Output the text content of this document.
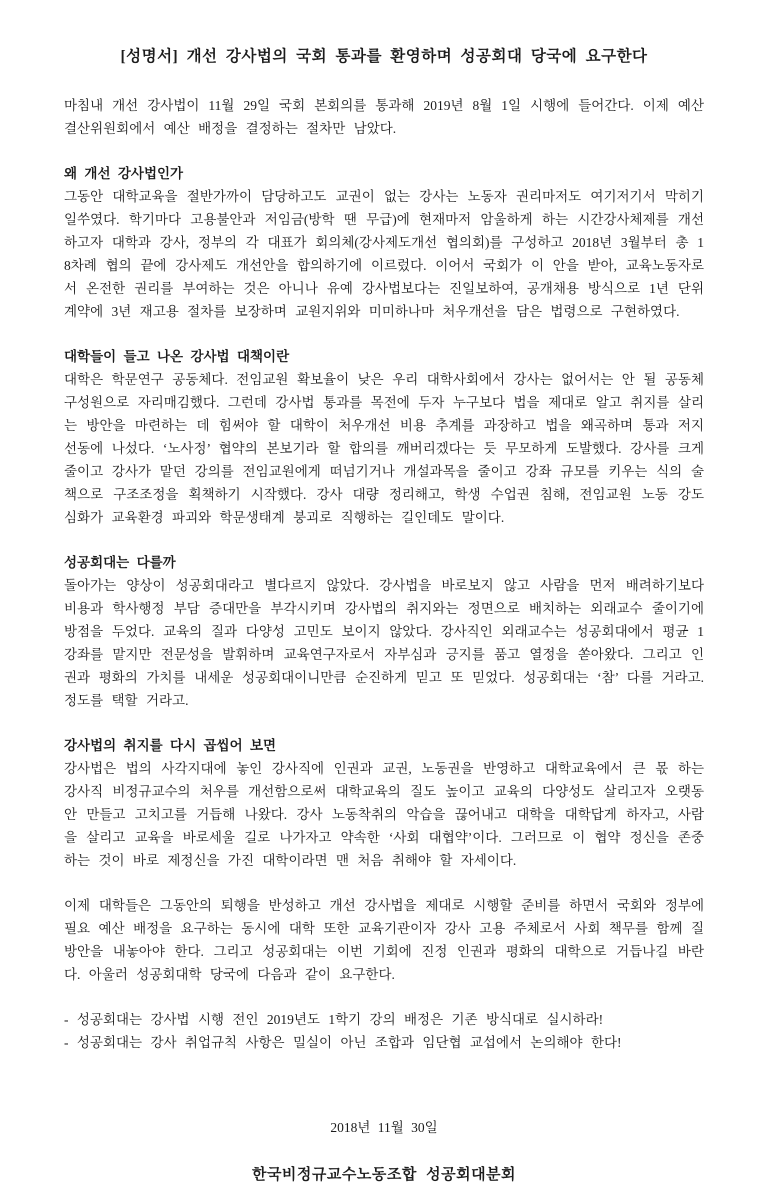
[성명서] 개선 강사법의 국회 통과를 환영하며 성공회대 당국에 요구한다

마침내 개선 강사법이 11월 29일 국회 본회의를 통과해 2019년 8월 1일 시행에 들어간다. 이제 예산결산위원회에서 예산 배정을 결정하는 절차만 남았다.

왜 개선 강사법인가

그동안 대학교육을 절반가까이 담당하고도 교권이 없는 강사는 노동자 권리마저도 여기저기서 막히기 일쑤였다. 학기마다 고용불안과 저임금(방학 땐 무급)에 현재마저 암울하게 하는 시간강사체제를 개선하고자 대학과 강사, 정부의 각 대표가 회의체(강사제도개선 협의회)를 구성하고 2018년 3월부터 총 18차례 협의 끝에 강사제도 개선안을 합의하기에 이르렀다. 이어서 국회가 이 안을 받아, 교육노동자로서 온전한 권리를 부여하는 것은 아니나 유예 강사법보다는 진일보하여, 공개채용 방식으로 1년 단위 계약에 3년 재고용 절차를 보장하며 교원지위와 미미하나마 처우개선을 담은 법령으로 구현하였다.

대학들이 들고 나온 강사법 대책이란

대학은 학문연구 공동체다. 전임교원 확보율이 낮은 우리 대학사회에서 강사는 없어서는 안 될 공동체 구성원으로 자리매김했다. 그런데 강사법 통과를 목전에 두자 누구보다 법을 제대로 알고 취지를 살리는 방안을 마련하는 데 힘써야 할 대학이 처우개선 비용 추계를 과장하고 법을 왜곡하며 통과 저지 선동에 나섰다. ‘노사정’ 협약의 본보기라 할 합의를 깨버리겠다는 듯 무모하게 도발했다. 강사를 크게 줄이고 강사가 맡던 강의를 전임교원에게 떠넘기거나 개설과목을 줄이고 강좌 규모를 키우는 식의 술책으로 구조조정을 획책하기 시작했다. 강사 대량 정리해고, 학생 수업권 침해, 전임교원 노동 강도 심화가 교육환경 파괴와 학문생태계 붕괴로 직행하는 길인데도 말이다.

성공회대는 다를까

돌아가는 양상이 성공회대라고 별다르지 않았다. 강사법을 바로보지 않고 사람을 먼저 배려하기보다 비용과 학사행정 부담 증대만을 부각시키며 강사법의 취지와는 정면으로 배치하는 외래교수 줄이기에 방점을 두었다. 교육의 질과 다양성 고민도 보이지 않았다. 강사직인 외래교수는 성공회대에서 평균 1 강좌를 맡지만 전문성을 발휘하며 교육연구자로서 자부심과 긍지를 품고 열정을 쏟아왔다. 그리고 인권과 평화의 가치를 내세운 성공회대이니만큼 순진하게 믿고 또 믿었다. 성공회대는 ‘참’ 다를 거라고. 정도를 택할 거라고.

강사법의 취지를 다시 곱씹어 보면

강사법은 법의 사각지대에 놓인 강사직에 인권과 교권, 노동권을 반영하고 대학교육에서 큰 몫 하는 강사직 비정규교수의 처우를 개선함으로써 대학교육의 질도 높이고 교육의 다양성도 살리고자 오랫동안 만들고 고치고를 거듭해 나왔다. 강사 노동착취의 악습을 끊어내고 대학을 대학답게 하자고, 사람을 살리고 교육을 바로세울 길로 나가자고 약속한 ‘사회 대협약’이다. 그러므로 이 협약 정신을 존중하는 것이 바로 제정신을 가진 대학이라면 맨 처음 취해야 할 자세이다.

이제 대학들은 그동안의 퇴행을 반성하고 개선 강사법을 제대로 시행할 준비를 하면서 국회와 정부에 필요 예산 배정을 요구하는 동시에 대학 또한 교육기관이자 강사 고용 주체로서 사회 책무를 함께 질 방안을 내놓아야 한다. 그리고 성공회대는 이번 기회에 진정 인권과 평화의 대학으로 거듭나길 바란다. 아울러 성공회대학 당국에 다음과 같이 요구한다.

- 성공회대는 강사법 시행 전인 2019년도 1학기 강의 배정은 기존 방식대로 실시하라!

- 성공회대는 강사 취업규칙 사항은 밀실이 아닌 조합과 임단협 교섭에서 논의해야 한다!

2018년 11월 30일
한국비정규교수노동조합 성공회대분회
